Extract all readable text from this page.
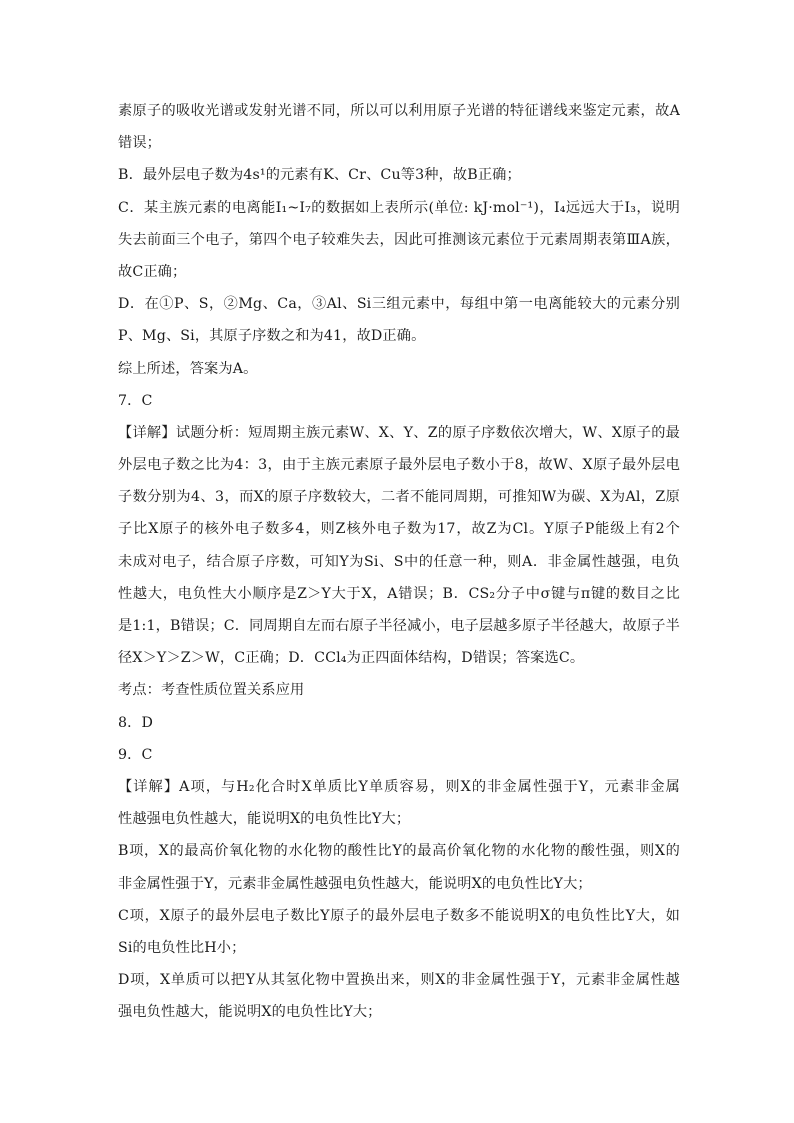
素原子的吸收光谱或发射光谱不同，所以可以利用原子光谱的特征谱线来鉴定元素，故A
错误；
B．最外层电子数为4s¹的元素有K、Cr、Cu等3种，故B正确；
C．某主族元素的电离能I₁~I₇的数据如上表所示(单位: kJ·mol⁻¹)，I₄远远大于I₃，说明
失去前面三个电子，第四个电子较难失去，因此可推测该元素位于元素周期表第ⅢA族，
故C正确；
D．在①P、S，②Mg、Ca，③Al、Si三组元素中，每组中第一电离能较大的元素分别
P、Mg、Si，其原子序数之和为41，故D正确。
综上所述，答案为A。
7．C
【详解】试题分析：短周期主族元素W、X、Y、Z的原子序数依次增大，W、X原子的最
外层电子数之比为4：3，由于主族元素原子最外层电子数小于8，故W、X原子最外层电
子数分别为4、3，而X的原子序数较大，二者不能同周期，可推知W为碳、X为Al，Z原
子比X原子的核外电子数多4，则Z核外电子数为17，故Z为Cl。Y原子P能级上有2个
未成对电子，结合原子序数，可知Y为Si、S中的任意一种，则A．非金属性越强，电负
性越大，电负性大小顺序是Z＞Y大于X，A错误；B．CS₂分子中σ键与π键的数目之比
是1:1，B错误；C．同周期自左而右原子半径减小，电子层越多原子半径越大，故原子半
径X＞Y＞Z＞W，C正确；D．CCl₄为正四面体结构，D错误；答案选C。
考点：考查性质位置关系应用
8．D
9．C
【详解】A项，与H₂化合时X单质比Y单质容易，则X的非金属性强于Y，元素非金属
性越强电负性越大，能说明X的电负性比Y大；
B项，X的最高价氧化物的水化物的酸性比Y的最高价氧化物的水化物的酸性强，则X的
非金属性强于Y，元素非金属性越强电负性越大，能说明X的电负性比Y大；
C项，X原子的最外层电子数比Y原子的最外层电子数多不能说明X的电负性比Y大，如
Si的电负性比H小；
D项，X单质可以把Y从其氢化物中置换出来，则X的非金属性强于Y，元素非金属性越
强电负性越大，能说明X的电负性比Y大；
